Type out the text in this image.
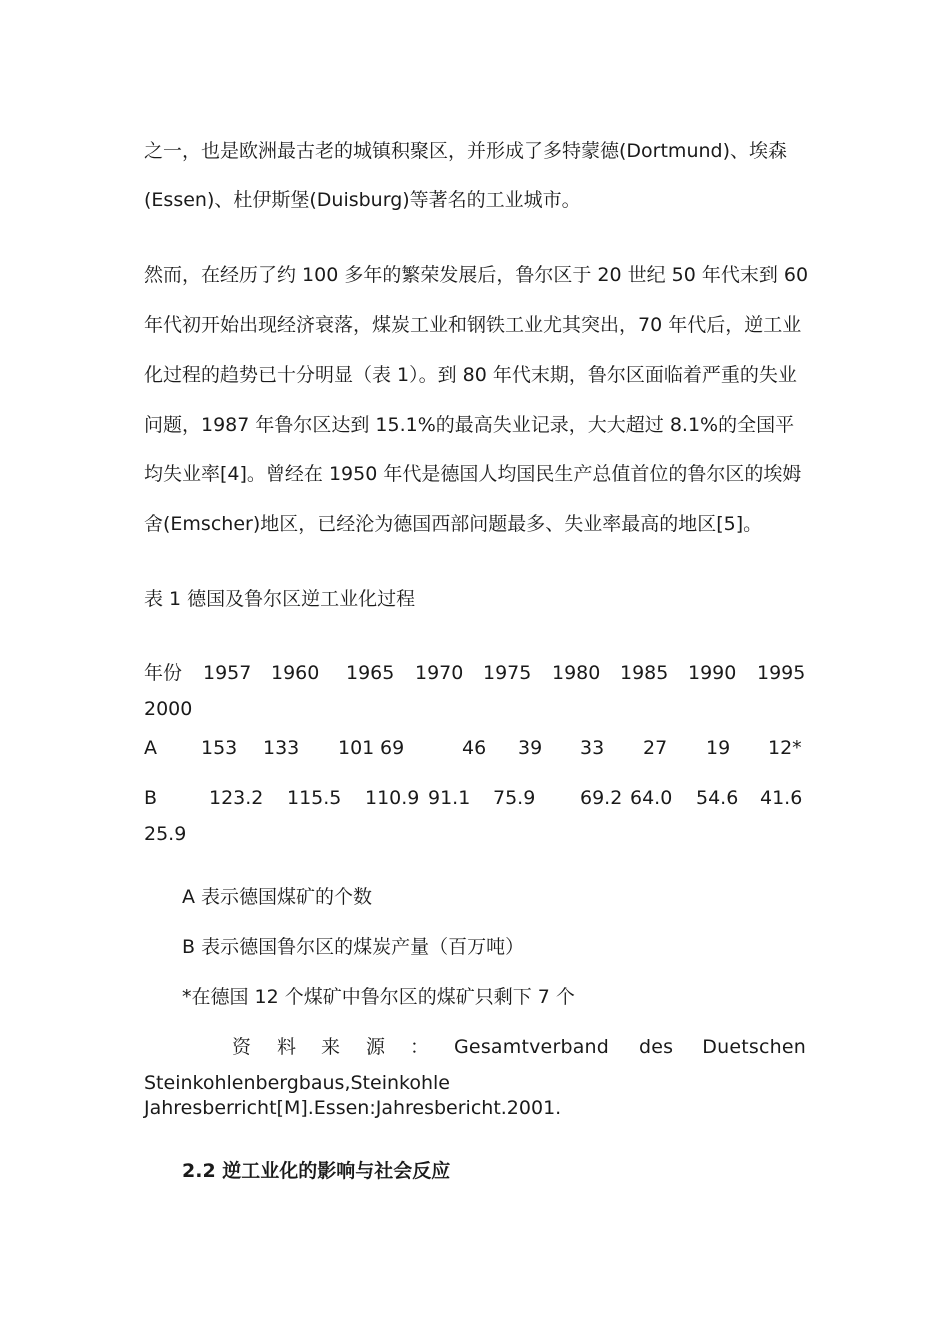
之一，也是欧洲最古老的城镇积聚区，并形成了多特蒙德(Dortmund)、埃森
(Essen)、杜伊斯堡(Duisburg)等著名的工业城市。
然而，在经历了约 100 多年的繁荣发展后，鲁尔区于 20 世纪 50 年代末到 60
年代初开始出现经济衰落，煤炭工业和钢铁工业尤其突出，70 年代后，逆工业
化过程的趋势已十分明显（表 1）。到 80 年代末期，鲁尔区面临着严重的失业
问题，1987 年鲁尔区达到 15.1%的最高失业记录，大大超过 8.1%的全国平
均失业率[4]。曾经在 1950 年代是德国人均国民生产总值首位的鲁尔区的埃姆
舍(Emscher)地区，已经沦为德国西部问题最多、失业率最高的地区[5]。
表 1 德国及鲁尔区逆工业化过程
年份 1957 1960 1965 1970 1975 1980 1985 1990 1995
2000
A 153 133 101 69	46 39 33 27 19 12*
B	123.2 115.5 110.9 91.1 75.9 69.2 64.0 54.6 41.6
25.9
A 表示德国煤矿的个数
B 表示德国鲁尔区的煤炭产量（百万吨）
*在德国 12 个煤矿中鲁尔区的煤矿只剩下 7 个
资 料 来 源 ： Gesamtverband des Duetschen
Steinkohlenbergbaus,Steinkohle
Jahresberricht[M].Essen:Jahresbericht.2001.
2.2 逆工业化的影响与社会反应
